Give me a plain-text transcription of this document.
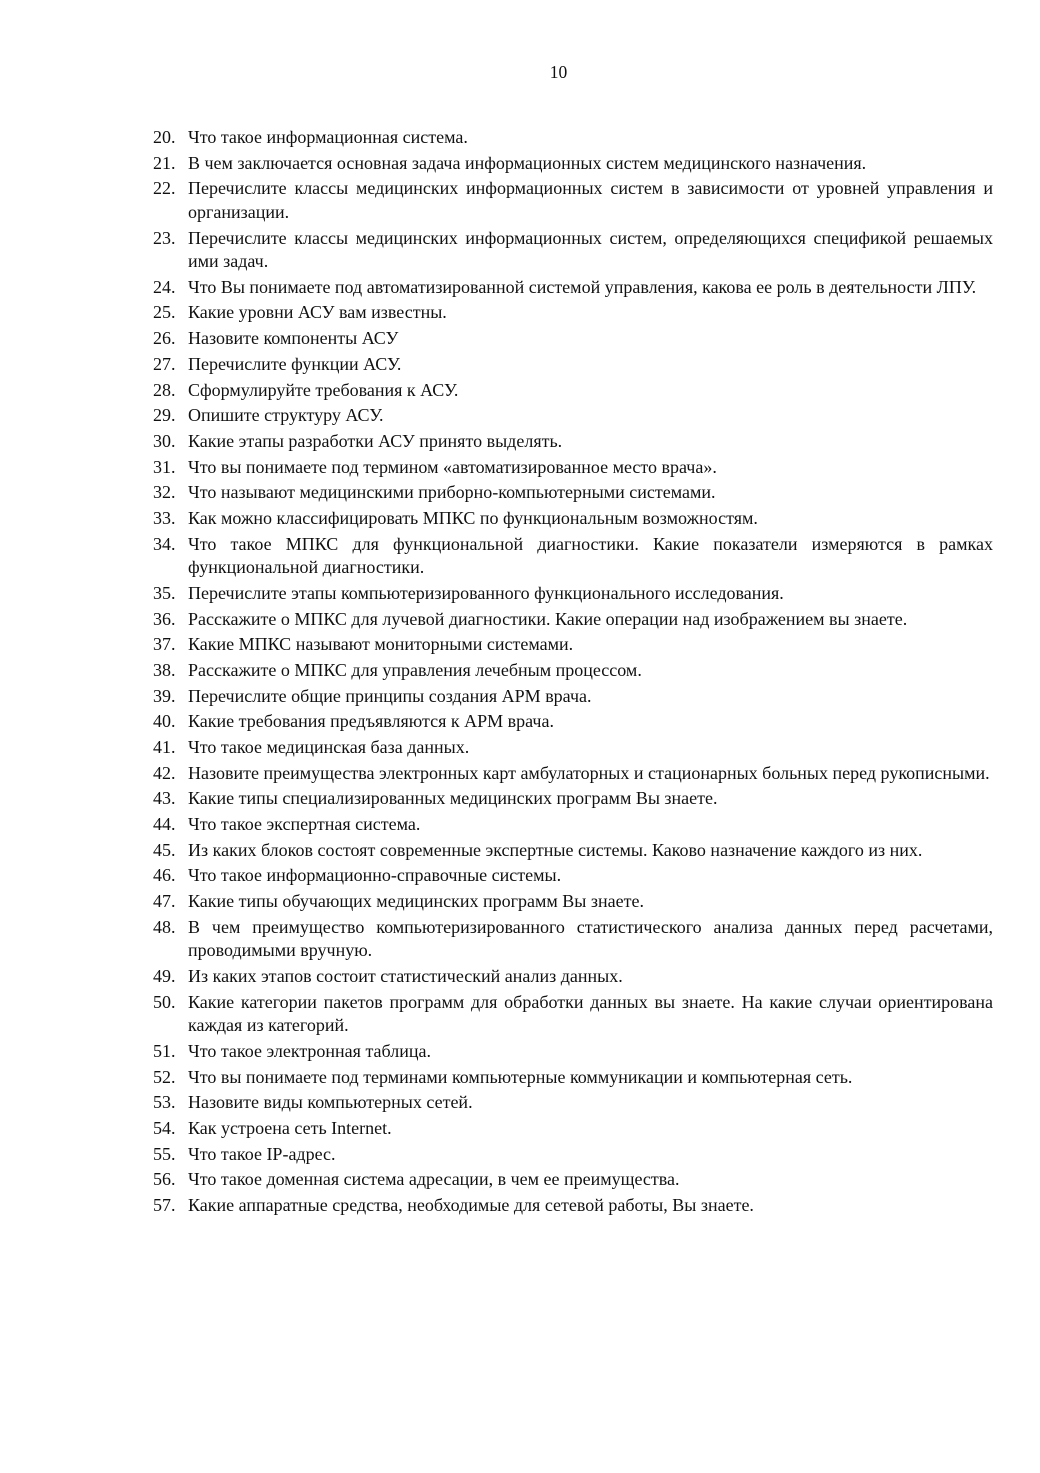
10
20. Что такое информационная система.
21. В чем заключается основная задача информационных систем медицинского назначения.
22. Перечислите классы медицинских информационных систем в зависимости от уровней управления и организации.
23. Перечислите классы медицинских информационных систем, определяющихся спецификой решаемых ими задач.
24. Что Вы понимаете под автоматизированной системой управления, какова ее роль в деятельности ЛПУ.
25. Какие уровни АСУ вам известны.
26. Назовите компоненты АСУ
27. Перечислите функции АСУ.
28. Сформулируйте требования к АСУ.
29. Опишите структуру АСУ.
30. Какие этапы разработки АСУ принято выделять.
31. Что вы понимаете под термином «автоматизированное место врача».
32. Что называют медицинскими приборно-компьютерными системами.
33. Как можно классифицировать МПКС по функциональным возможностям.
34. Что такое МПКС для функциональной диагностики. Какие показатели измеряются в рамках функциональной диагностики.
35. Перечислите этапы компьютеризированного функционального исследования.
36. Расскажите о МПКС для лучевой диагностики. Какие операции над изображением вы знаете.
37. Какие МПКС называют мониторными системами.
38. Расскажите о МПКС для управления лечебным процессом.
39. Перечислите общие принципы создания АРМ врача.
40. Какие требования предъявляются к АРМ врача.
41. Что такое медицинская база данных.
42. Назовите преимущества электронных карт амбулаторных и стационарных больных перед рукописными.
43. Какие типы специализированных медицинских программ Вы знаете.
44. Что такое экспертная система.
45. Из каких блоков состоят современные экспертные системы. Каково назначение каждого из них.
46. Что такое информационно-справочные системы.
47. Какие типы обучающих медицинских программ Вы знаете.
48. В чем преимущество компьютеризированного статистического анализа данных перед расчетами, проводимыми вручную.
49. Из каких этапов состоит статистический анализ данных.
50. Какие категории пакетов программ для обработки данных вы знаете. На какие случаи ориентирована каждая из категорий.
51. Что такое электронная таблица.
52. Что вы понимаете под терминами компьютерные коммуникации и компьютерная сеть.
53. Назовите виды компьютерных сетей.
54. Как устроена сеть Internet.
55. Что такое IP-адрес.
56. Что такое доменная система адресации, в чем ее преимущества.
57. Какие аппаратные средства, необходимые для сетевой работы, Вы знаете.
